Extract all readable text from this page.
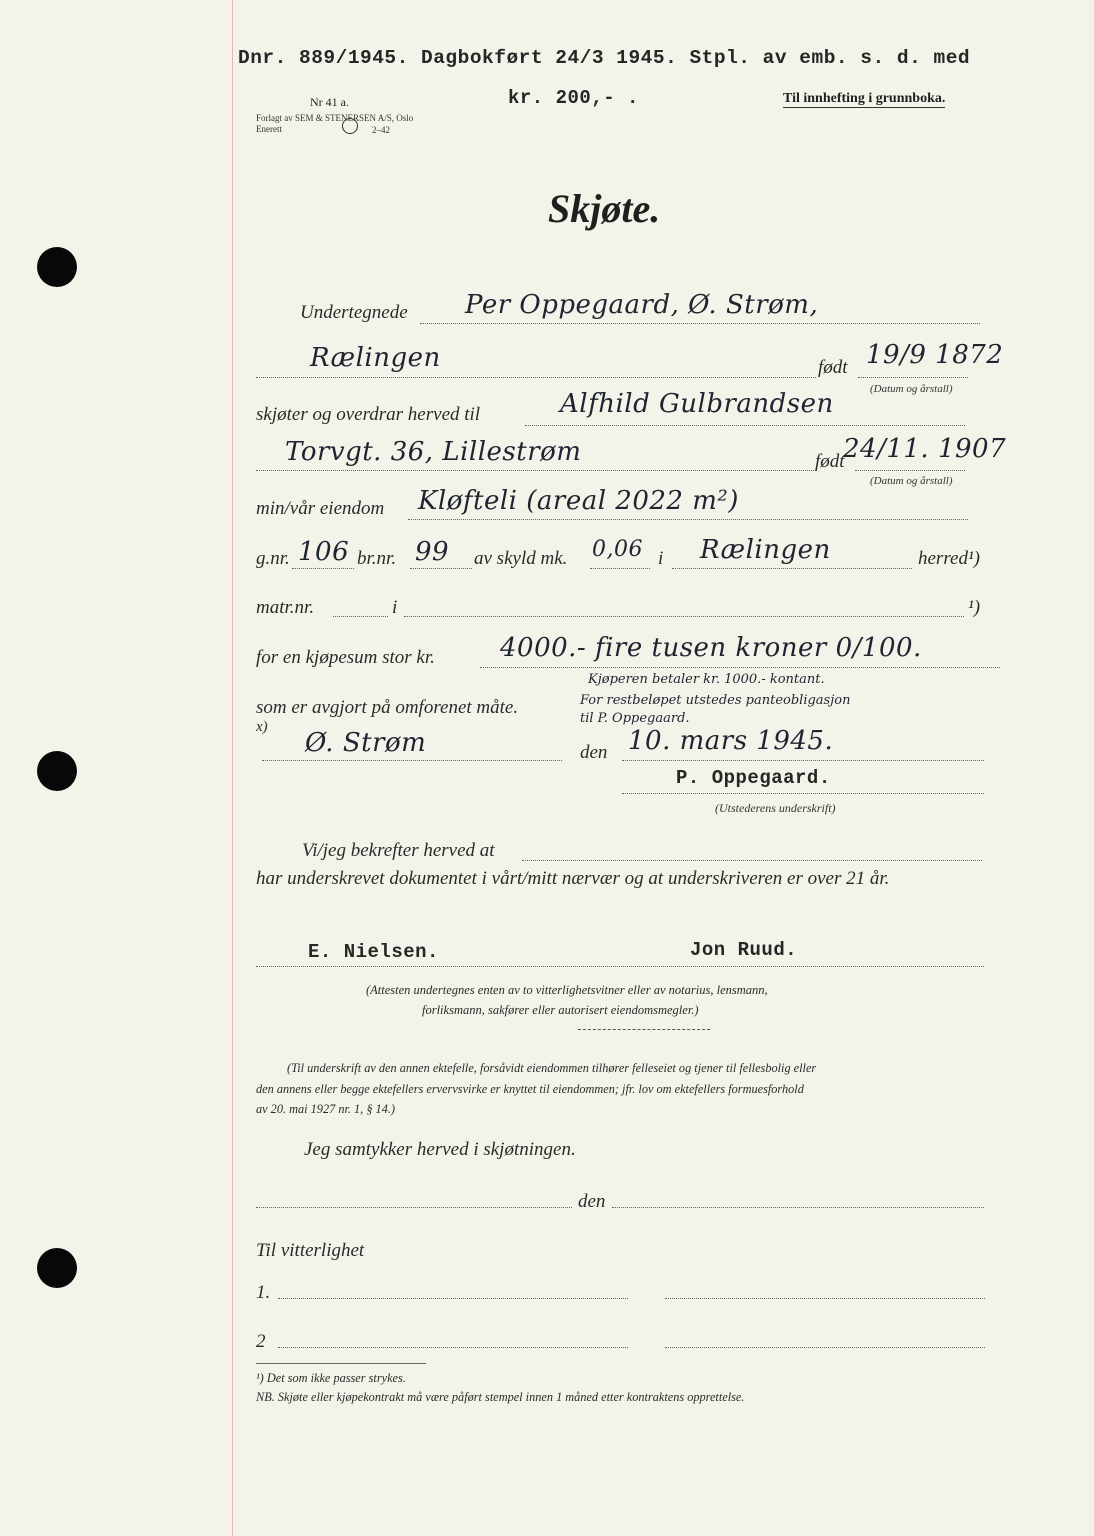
Dnr. 889/1945. Dagbokført 24/3 1945. Stpl. av emb. s. d. med
kr. 200,- .
Nr 41 a.
Forlagt av SEM & STENERSEN A/S, Oslo
Enerett	2–42
Til innhefting i grunnboka.
Skjøte.
Undertegnede Per Oppegaard, Ø. Strøm,
Rælingen	født 19/9 1872
(Datum og årstall)
skjøter og overdrar herved til	Alfhild Gulbrandsen
Torvgt. 36, Lillestrøm	født
24/11. 1907
(Datum og årstall)
min/vår eiendom Kløfteli (areal 2022 m²)
g.nr. 106 br.nr. 99 av skyld mk. 0,06 i Rælingen	herred¹)
matr.nr.	i	¹)
for en kjøpesum stor kr.	4000.- fire tusen kroner 0/100.
som er avgjort på omforenet måte.
Kjøperen betaler kr. 1000.- kontant.
For restbeløpet utstedes panteobligasjon
til P. Oppegaard.
x)
Ø. Strøm	den 10. mars 1945.
P. Oppegaard.
(Utstederens underskrift)
Vi/jeg bekrefter herved at
har underskrevet dokumentet i vårt/mitt nærvær og at underskriveren er over 21 år.
E. Nielsen.	Jon Ruud.
(Attesten undertegnes enten av to vitterlighetsvitner eller av notarius, lensmann,
forliksmann, sakfører eller autorisert eiendomsmegler.)
(Til underskrift av den annen ektefelle, forsåvidt eiendommen tilhører felleseiet og tjener til fellesbolig eller
den annens eller begge ektefellers ervervsvirke er knyttet til eiendommen; jfr. lov om ektefellers formuesforhold
av 20. mai 1927 nr. 1, § 14.)
Jeg samtykker herved i skjøtningen.
den
Til vitterlighet
1.
2
¹) Det som ikke passer strykes.
NB. Skjøte eller kjøpekontrakt må være påført stempel innen 1 måned etter kontraktens opprettelse.
